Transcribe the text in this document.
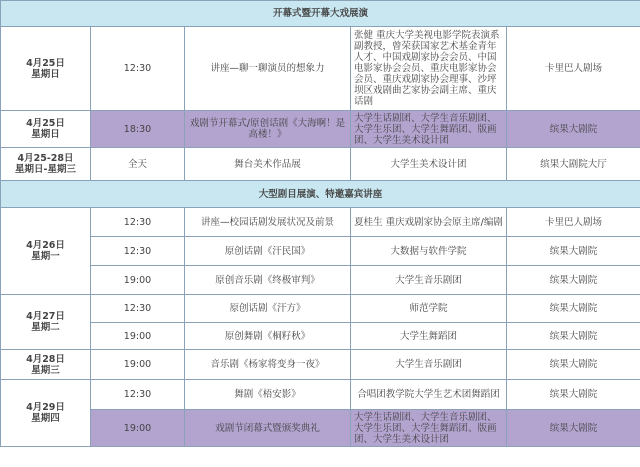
开幕式暨开幕大戏展演				

4月25日
星期日	12:30	讲座—聊一聊演员的想象力	张健 重庆大学美视电影学院表演系副教授，曾荣获国家艺术基金青年人才、中国戏剧家协会会员、中国电影家协会会员、重庆电影家协会会员、重庆戏剧家协会理事、沙坪坝区戏剧曲艺家协会副主席、重庆话剧	卡里巴人剧场

4月25日
星期日	18:30	戏剧节开幕式/原创话剧《大海啊！是高楼！》	大学生话剧团、大学生音乐剧团、大学生乐团、大学生舞蹈团、版画团、大学生美术设计团	缤果大剧院

4月25-28日
星期日-星期三	全天	舞台美术作品展	大学生美术设计团	缤果大剧院大厅
大型剧目展演、特邀嘉宾讲座				

4月26日
星期一	12:30	讲座—校园话剧发展状况及前景	夏桂生 重庆戏剧家协会原主席/编剧	卡里巴人剧场
	12:30	原创话剧《汗民国》	大数据与软件学院	缤果大剧院
	19:00	原创音乐剧《终极审判》	大学生音乐剧团	缤果大剧院

4月27日
星期二	12:30	原创话剧《汗方》	师范学院	缤果大剧院
	19:00	原创舞剧《桐籽秋》	大学生舞蹈团	缤果大剧院

4月28日
星期三	19:00	音乐剧《杨家将变身一夜》	大学生音乐剧团	缤果大剧院

4月29日
星期四	12:30	舞剧《梧安影》	合唱团教学院大学生艺术团舞蹈团	缤果大剧院
	19:00	戏剧节闭幕式暨颁奖典礼	大学生话剧团、大学生音乐剧团、大学生乐团、大学生舞蹈团、版画团、大学生美术设计团	缤果大剧院
